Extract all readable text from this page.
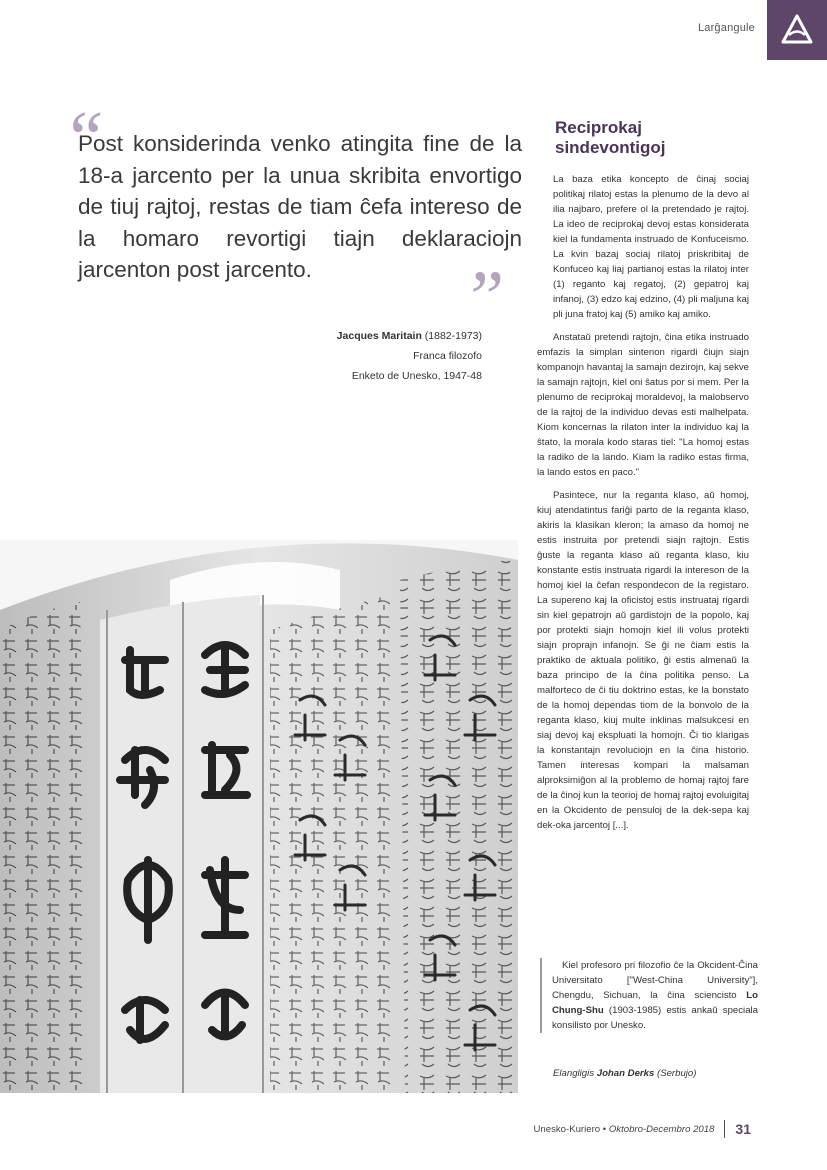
Larĝangule
“

Post konsiderinda venko atingita fine de la 18-a jarcento per la unua skribita envortigo de tiuj rajtoj, restas de tiam ĉefa intereso de la homaro revortigi tiajn deklaraciojn jarcenton post jarcento.	”
Jacques Maritain (1882-1973)
Franca filozofo
Enketo de Unesko, 1947-48
Reciprokaj sindevontigoj

La baza etika koncepto de ĉinaj sociaj politikaj rilatoj estas la plenumo de la devo al ilia najbaro, prefere ol la pretendado je rajtoj. La ideo de reciprokaj devoj estas konsiderata kiel la fundamenta instruado de Konfuceismo. La kvin bazaj sociaj rilatoj priskribitaj de Konfuceo kaj liaj partianoj estas la rilatoj inter (1) reganto kaj regatoj, (2) gepatroj kaj infanoj, (3) edzo kaj edzino, (4) pli maljuna kaj pli juna fratoj kaj (5) amiko kaj amiko.

Anstataŭ pretendi rajtojn, ĉina etika instruado emfazis la simplan sintenon rigardi ĉiujn siajn kompanojn havantaj la samajn dezirojn, kaj sekve la samajn rajtojn, kiel oni ŝatus por si mem. Per la plenumo de reciprokaj moraldevoj, la malobservo de la rajtoj de la individuo devas esti malhelpata. Kiom koncernas la rilaton inter la individuo kaj la ŝtato, la morala kodo staras tiel: "La homoj estas la radiko de la lando. Kiam la radiko estas firma, la lando estos en paco."

Pasintece, nur la reganta klaso, aŭ homoj, kiuj atendatintus fariĝi parto de la reganta klaso, akiris la klasikan kleron; la amaso da homoj ne estis instruita por pretendi siajn rajtojn. Estis ĝuste la reganta klaso aŭ reganta klaso, kiu konstante estis instruata rigardi la intereson de la homoj kiel la ĉefan respondecon de la registaro. La supereno kaj la oficistoj estis instruataj rigardi sin kiel gepatrojn aŭ gardistojn de la popolo, kaj por protekti siajn homojn kiel ili volus protekti siajn proprajn infanojn. Se ĝi ne ĉiam estis la praktiko de aktuala politiko, ĝi estis almenaŭ la baza principo de la ĉina politika penso. La malforteco de ĉi tiu doktrino estas, ke la bonstato de la homoj dependas tiom de la bonvolo de la reganta klaso, kiuj multe inklinas malsukcesi en siaj devoj kaj ekspluati la homojn. Ĉi tio klarigas la konstantajn revoluciojn en la ĉina historio. Tamen interesas kompari la malsaman alproksimiĝon al la problemo de homaj rajtoj fare de la ĉinoj kun la teorioj de homaj rajtoj evoluigitaj en la Okcidento de pensuloj de la dek-sepa kaj dek-oka jarcentoj [...].

Kiel profesoro pri filozofio ĉe la Okcident-Ĉina Universitato ["West-China University"], Chengdu, Sichuan, la ĉina sciencisto Lo Chung-Shu (1903-1985) estis ankaŭ speciala konsilisto por Unesko.

Elangligis Johan Derks (Serbujo)
Unesko-Kuriero • Oktobro-Decembro 2018 31
